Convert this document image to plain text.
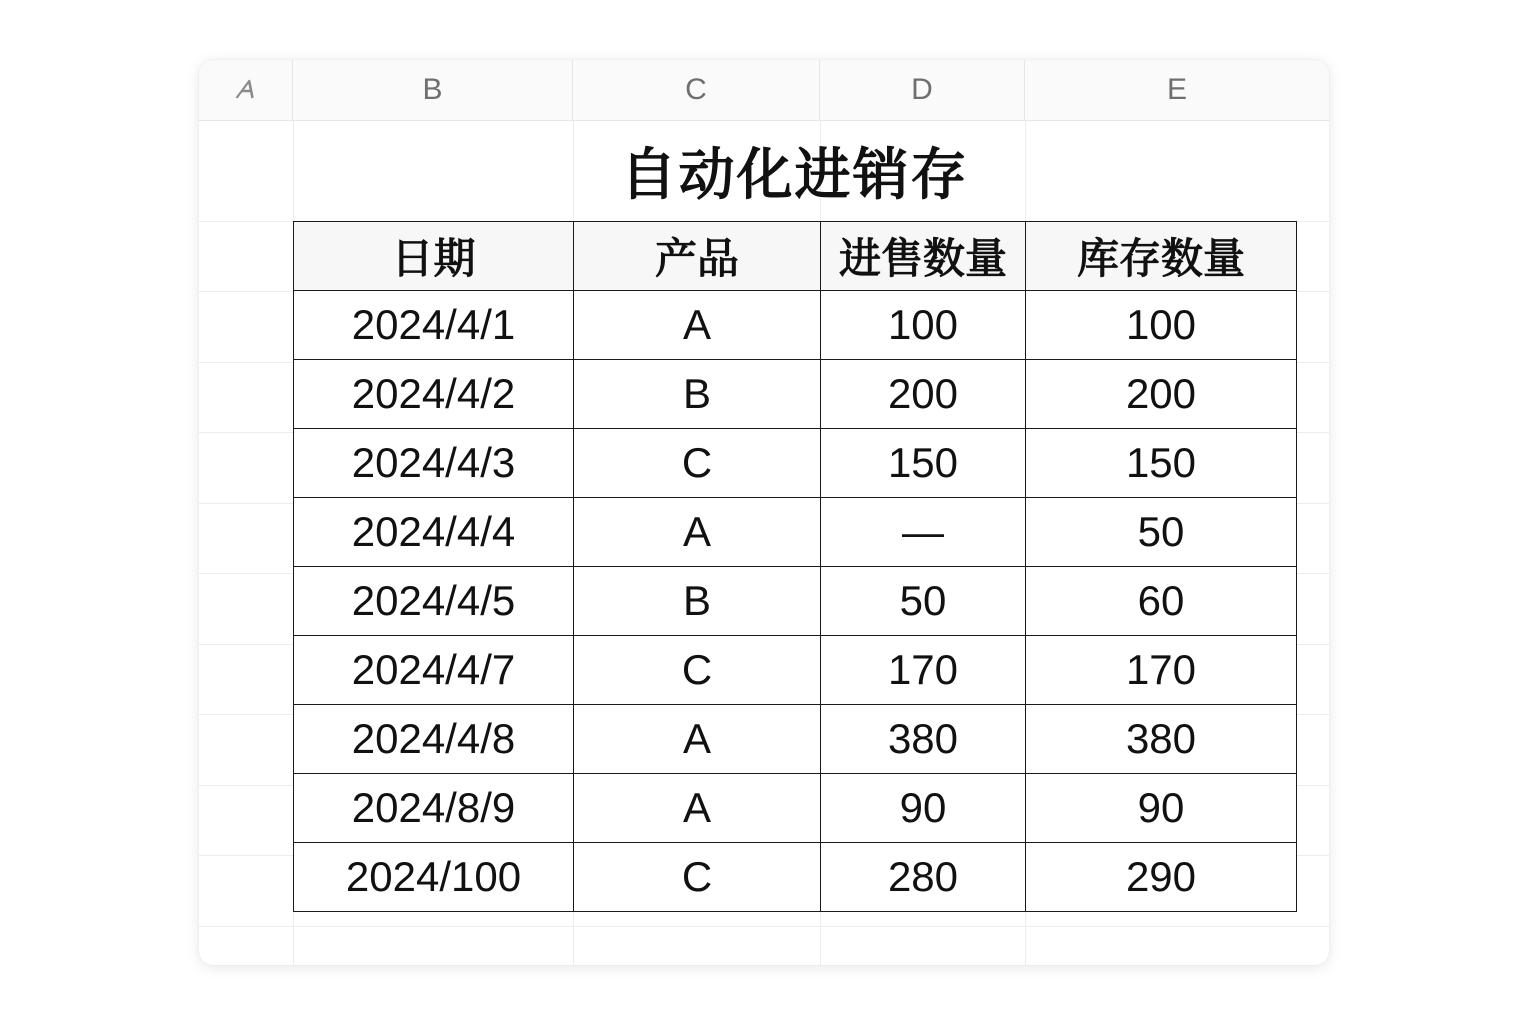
B	C	D	E
自动化进销存
日期	产品	进售数量	库存数量
2024/4/1	A	100	100
2024/4/2	B	200	200
2024/4/3	C	150	150
2024/4/4	A	—	50
2024/4/5	B	50	60
2024/4/7	C	170	170
2024/4/8	A	380	380
2024/8/9	A	90	90
2024/100	C	280	290
